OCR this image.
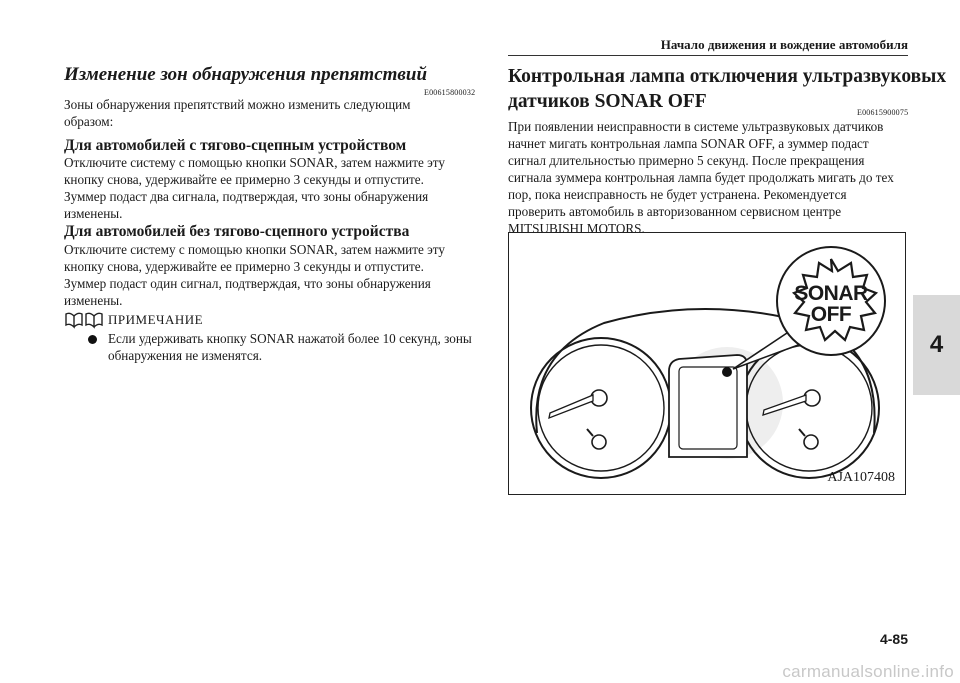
Начало движения и вождение автомобиля
4
Изменение зон обнаружения препятствий
E00615800032
Зоны обнаружения препятствий можно изменить следующим
образом:
Для автомобилей с тягово-сцепным устройством
Отключите систему с помощью кнопки SONAR, затем нажмите эту
кнопку снова, удерживайте ее примерно 3 секунды и отпустите.
Зуммер подаст два сигнала, подтверждая, что зоны обнаружения
изменены.
Для автомобилей без тягово-сцепного устройства
Отключите систему с помощью кнопки SONAR, затем нажмите эту
кнопку снова, удерживайте ее примерно 3 секунды и отпустите.
Зуммер подаст один сигнал, подтверждая, что зоны обнаружения
изменены.
ПРИМЕЧАНИЕ
Если удерживать кнопку SONAR нажатой более 10 секунд, зоны
обнаружения не изменятся.
Контрольная лампа отключения ультразвуковых
датчиков SONAR OFF
E00615900075
При появлении неисправности в системе ультразвуковых датчиков
начнет мигать контрольная лампа SONAR OFF, а зуммер подаст
сигнал длительностью примерно 5 секунд. После прекращения
сигнала зуммера контрольная лампа будет продолжать мигать до тех
пор, пока неисправность не будет устранена. Рекомендуется
проверить автомобиль в авторизованном сервисном центре
MITSUBISHI MOTORS.
SONAR
OFF
AJA107408
4-85
carmanualsonline.info
